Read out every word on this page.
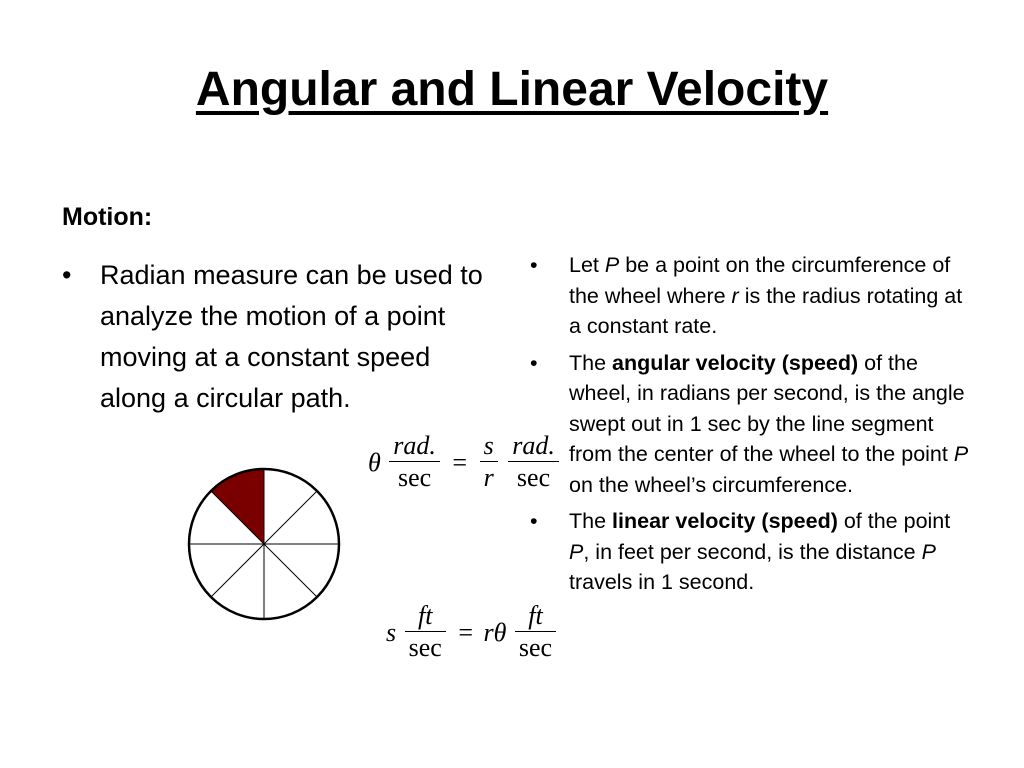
Angular and Linear Velocity
Motion:
• Radian measure can be used to analyze the motion of a point moving at a constant speed along a circular path.
• Let P be a point on the circumference of the wheel where r is the radius rotating at a constant rate.
• The angular velocity (speed) of the wheel, in radians per second, is the angle swept out in 1 sec by the line segment from the center of the wheel to the point P on the wheel’s circumference.
• The linear velocity (speed) of the point P, in feet per second, is the distance P travels in 1 second.
θ $\frac{\text{rad.}}{\sec} = \frac{s}{r}$
$\frac{\text{rad.}}{\sec}$
s $\frac{ft}{\sec} = r\theta \frac{ft}{\sec}$
